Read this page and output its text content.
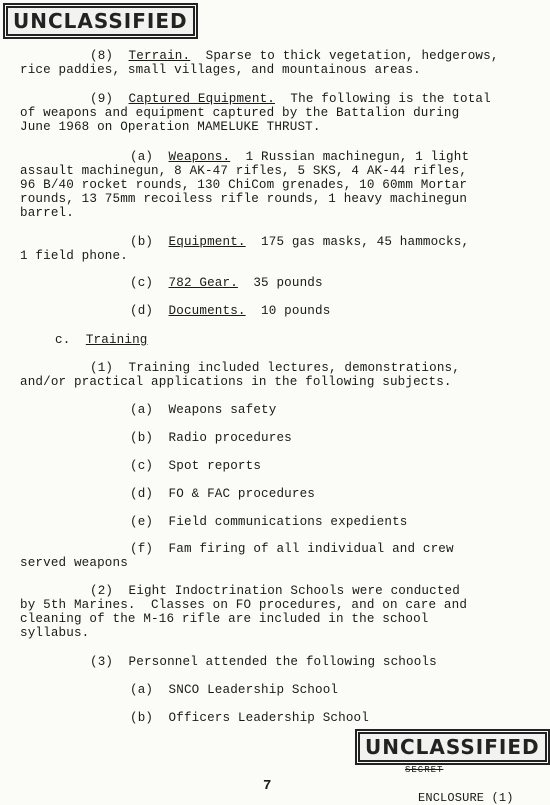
UNCLASSIFIED
(8) Terrain. Sparse to thick vegetation, hedgerows,
rice paddies, small villages, and mountainous areas.
(9) Captured Equipment. The following is the total
of weapons and equipment captured by the Battalion during
June 1968 on Operation MAMELUKE THRUST.
(a) Weapons. 1 Russian machinegun, 1 light
assault machinegun, 8 AK-47 rifles, 5 SKS, 4 AK-44 rifles,
96 B/40 rocket rounds, 130 ChiCom grenades, 10 60mm Mortar
rounds, 13 75mm recoiless rifle rounds, 1 heavy machinegun
barrel.
(b) Equipment. 175 gas masks, 45 hammocks,
1 field phone.
(c) 782 Gear. 35 pounds
(d) Documents. 10 pounds
c. Training
(1) Training included lectures, demonstrations,
and/or practical applications in the following subjects.
(a) Weapons safety
(b) Radio procedures
(c) Spot reports
(d) FO & FAC procedures
(e) Field communications expedients
(f) Fam firing of all individual and crew
served weapons
(2) Eight Indoctrination Schools were conducted
by 5th Marines.  Classes on FO procedures, and on care and
cleaning of the M-16 rifle are included in the school
syllabus.
(3) Personnel attended the following schools
(a) SNCO Leadership School
(b) Officers Leadership School
UNCLASSIFIED
SECRET
7
ENCLOSURE (1)
